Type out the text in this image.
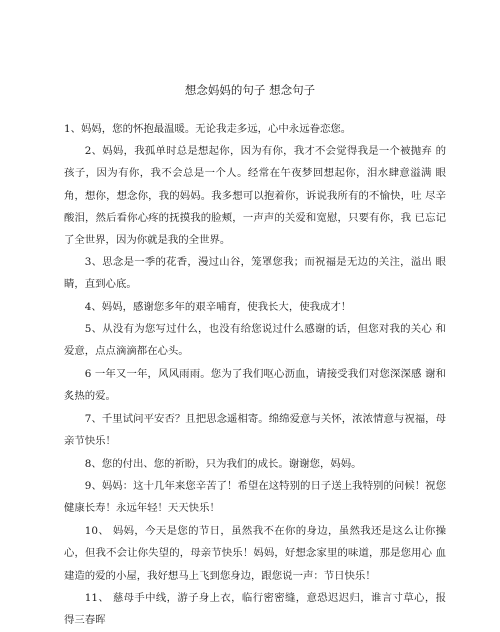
想念妈妈的句子 想念句子
1、妈妈，您的怀抱最温暖。无论我走多远，心中永远眷恋您。
2、妈妈，我孤单时总是想起你，因为有你，我才不会觉得我是一个被抛弃 的孩子，因为有你，我不会总是一个人。经常在午夜梦回想起你，泪水肆意溢满 眼角，想你，想念你，我的妈妈。我多想可以抱着你，诉说我所有的不愉快，吐 尽辛酸泪，然后看你心疼的抚摸我的脸颊，一声声的关爱和宽慰，只要有你，我 已忘记了全世界，因为你就是我的全世界。
3、思念是一季的花香，漫过山谷，笼罩您我；而祝福是无边的关注，溢出 眼睛，直到心底。
4、妈妈，感谢您多年的艰辛哺育，使我长大，使我成才！
5、从没有为您写过什么，也没有给您说过什么感谢的话，但您对我的关心 和爱意，点点滴滴都在心头。
6 一年又一年，风风雨雨。您为了我们呕心沥血，请接受我们对您深深感 谢和炙热的爱。
7、千里试问平安否？且把思念遥相寄。绵绵爱意与关怀，浓浓情意与祝福，母亲节快乐！
8、您的付出、您的祈盼，只为我们的成长。谢谢您，妈妈。
9、妈妈：这十几年来您辛苦了！希望在这特别的日子送上我特别的问候！祝您健康长寿！永远年轻！天天快乐！
10、 妈妈，今天是您的节日，虽然我不在你的身边，虽然我还是这么让你操 心，但我不会让你失望的，母亲节快乐！妈妈，好想念家里的味道，那是您用心 血建造的爱的小屋，我好想马上飞到您身边，跟您说一声：节日快乐！
11、 慈母手中线，游子身上衣，临行密密缝，意恐迟迟归，谁言寸草心，报 得三春晖
